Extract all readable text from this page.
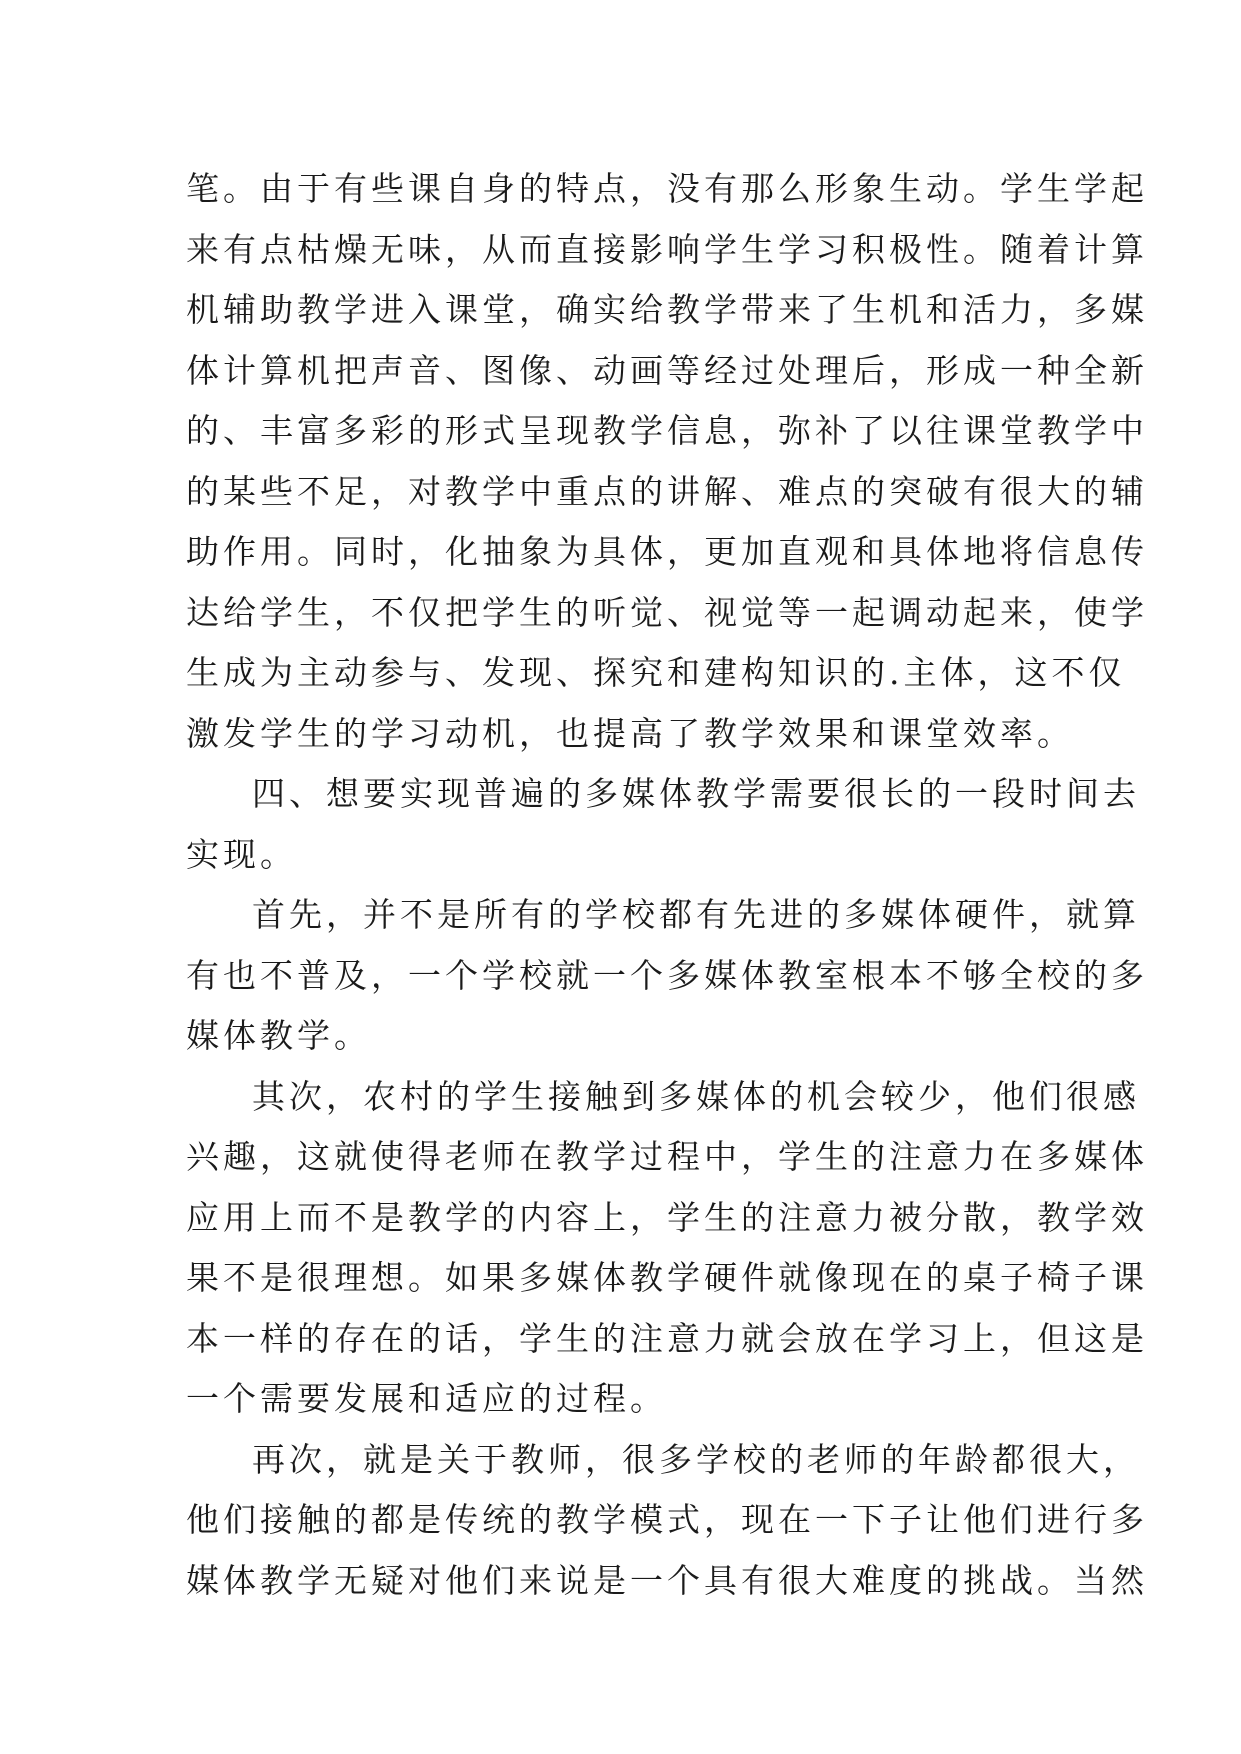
笔。由于有些课自身的特点，没有那么形象生动。学生学起
来有点枯燥无味，从而直接影响学生学习积极性。随着计算
机辅助教学进入课堂，确实给教学带来了生机和活力，多媒
体计算机把声音、图像、动画等经过处理后，形成一种全新
的、丰富多彩的形式呈现教学信息，弥补了以往课堂教学中
的某些不足，对教学中重点的讲解、难点的突破有很大的辅
助作用。同时，化抽象为具体，更加直观和具体地将信息传
达给学生，不仅把学生的听觉、视觉等一起调动起来，使学
生成为主动参与、发现、探究和建构知识的.主体，这不仅
激发学生的学习动机，也提高了教学效果和课堂效率。
四、想要实现普遍的多媒体教学需要很长的一段时间去
实现。
首先，并不是所有的学校都有先进的多媒体硬件，就算
有也不普及，一个学校就一个多媒体教室根本不够全校的多
媒体教学。
其次，农村的学生接触到多媒体的机会较少，他们很感
兴趣，这就使得老师在教学过程中，学生的注意力在多媒体
应用上而不是教学的内容上，学生的注意力被分散，教学效
果不是很理想。如果多媒体教学硬件就像现在的桌子椅子课
本一样的存在的话，学生的注意力就会放在学习上，但这是
一个需要发展和适应的过程。
再次，就是关于教师，很多学校的老师的年龄都很大，
他们接触的都是传统的教学模式，现在一下子让他们进行多
媒体教学无疑对他们来说是一个具有很大难度的挑战。当然
